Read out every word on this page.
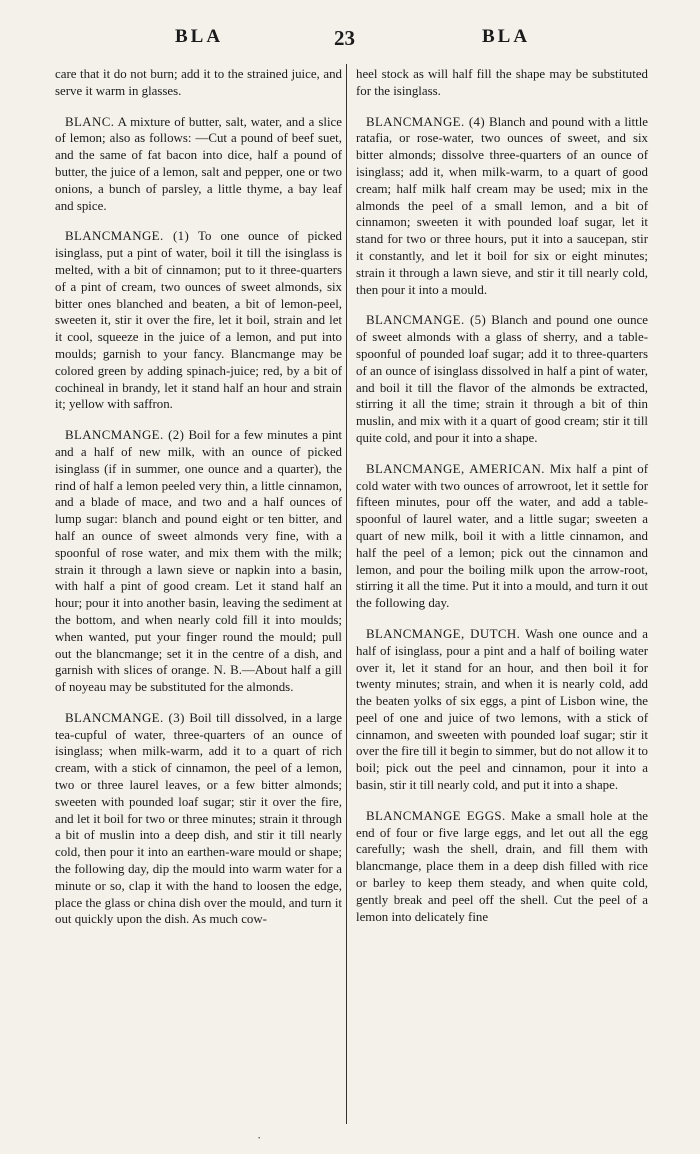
BLA	23	BLA

care that it do not burn; add it to the strained juice, and serve it warm in glasses.

BLANC. A mixture of butter, salt, water, and a slice of lemon; also as follows: —Cut a pound of beef suet, and the same of fat bacon into dice, half a pound of butter, the juice of a lemon, salt and pepper, one or two onions, a bunch of parsley, a little thyme, a bay leaf and spice.

BLANCMANGE. (1) To one ounce of picked isinglass, put a pint of water, boil it till the isinglass is melted, with a bit of cinnamon; put to it three-quarters of a pint of cream, two ounces of sweet almonds, six bitter ones blanched and beaten, a bit of lemon-peel, sweeten it, stir it over the fire, let it boil, strain and let it cool, squeeze in the juice of a lemon, and put into moulds; garnish to your fancy. Blancmange may be colored green by adding spinach-juice; red, by a bit of cochineal in brandy, let it stand half an hour and strain it; yellow with saffron.

BLANCMANGE. (2) Boil for a few minutes a pint and a half of new milk, with an ounce of picked isinglass (if in summer, one ounce and a quarter), the rind of half a lemon peeled very thin, a little cinnamon, and a blade of mace, and two and a half ounces of lump sugar: blanch and pound eight or ten bitter, and half an ounce of sweet almonds very fine, with a spoonful of rose water, and mix them with the milk; strain it through a lawn sieve or napkin into a basin, with half a pint of good cream. Let it stand half an hour; pour it into another basin, leaving the sediment at the bottom, and when nearly cold fill it into moulds; when wanted, put your finger round the mould; pull out the blancmange; set it in the centre of a dish, and garnish with slices of orange. N. B.—About half a gill of noyeau may be substituted for the almonds.

BLANCMANGE. (3) Boil till dissolved, in a large tea-cupful of water, three-quarters of an ounce of isinglass; when milk-warm, add it to a quart of rich cream, with a stick of cinnamon, the peel of a lemon, two or three laurel leaves, or a few bitter almonds; sweeten with pounded loaf sugar; stir it over the fire, and let it boil for two or three minutes; strain it through a bit of muslin into a deep dish, and stir it till nearly cold, then pour it into an earthen-ware mould or shape; the following day, dip the mould into warm water for a minute or so, clap it with the hand to loosen the edge, place the glass or china dish over the mould, and turn it out quickly upon the dish. As much cow-

heel stock as will half fill the shape may be substituted for the isinglass.

BLANCMANGE. (4) Blanch and pound with a little ratafia, or rose-water, two ounces of sweet, and six bitter almonds; dissolve three-quarters of an ounce of isinglass; add it, when milk-warm, to a quart of good cream; half milk half cream may be used; mix in the almonds the peel of a small lemon, and a bit of cinnamon; sweeten it with pounded loaf sugar, let it stand for two or three hours, put it into a saucepan, stir it constantly, and let it boil for six or eight minutes; strain it through a lawn sieve, and stir it till nearly cold, then pour it into a mould.

BLANCMANGE. (5) Blanch and pound one ounce of sweet almonds with a glass of sherry, and a table-spoonful of pounded loaf sugar; add it to three-quarters of an ounce of isinglass dissolved in half a pint of water, and boil it till the flavor of the almonds be extracted, stirring it all the time; strain it through a bit of thin muslin, and mix with it a quart of good cream; stir it till quite cold, and pour it into a shape.

BLANCMANGE, AMERICAN. Mix half a pint of cold water with two ounces of arrowroot, let it settle for fifteen minutes, pour off the water, and add a table-spoonful of laurel water, and a little sugar; sweeten a quart of new milk, boil it with a little cinnamon, and half the peel of a lemon; pick out the cinnamon and lemon, and pour the boiling milk upon the arrow-root, stirring it all the time. Put it into a mould, and turn it out the following day.

BLANCMANGE, DUTCH. Wash one ounce and a half of isinglass, pour a pint and a half of boiling water over it, let it stand for an hour, and then boil it for twenty minutes; strain, and when it is nearly cold, add the beaten yolks of six eggs, a pint of Lisbon wine, the peel of one and juice of two lemons, with a stick of cinnamon, and sweeten with pounded loaf sugar; stir it over the fire till it begin to simmer, but do not allow it to boil; pick out the peel and cinnamon, pour it into a basin, stir it till nearly cold, and put it into a shape.

BLANCMANGE EGGS. Make a small hole at the end of four or five large eggs, and let out all the egg carefully; wash the shell, drain, and fill them with blancmange, place them in a deep dish filled with rice or barley to keep them steady, and when quite cold, gently break and peel off the shell. Cut the peel of a lemon into delicately fine

·
